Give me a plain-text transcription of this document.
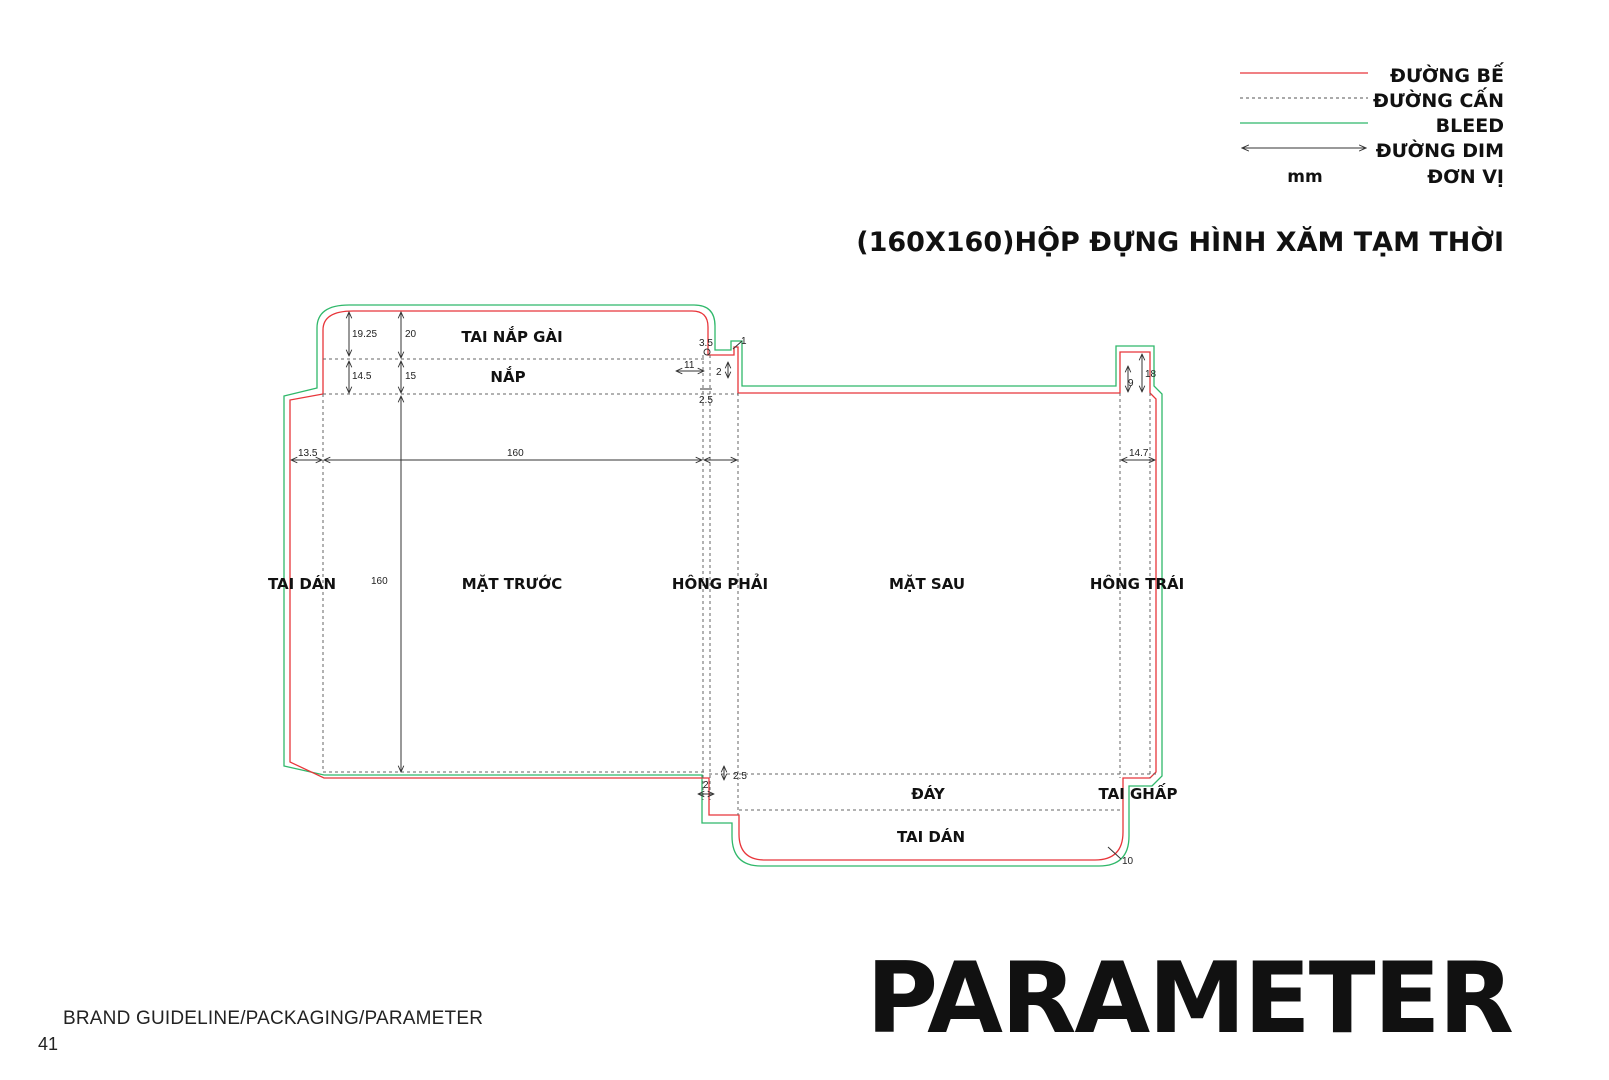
ĐƯỜNG BẾ
ĐƯỜNG CẤN
BLEED
ĐƯỜNG DIM
mm	ĐƠN VỊ
(160X160)HỘP ĐỰNG HÌNH XĂM TẠM THỜI
19.25	20
14.5	15
13.5	160
160
3.5	1
11
2
2.5
18
9
14.7
2
2.5
10
TAI NẮP GÀI
NẮP
TAI DÁN	MẶT TRƯỚC	HÔNG PHẢI	MẶT SAU	HÔNG TRÁI
ĐÁY	TAI GHẤP
TAI DÁN
PARAMETER
BRAND GUIDELINE/PACKAGING/PARAMETER
41
